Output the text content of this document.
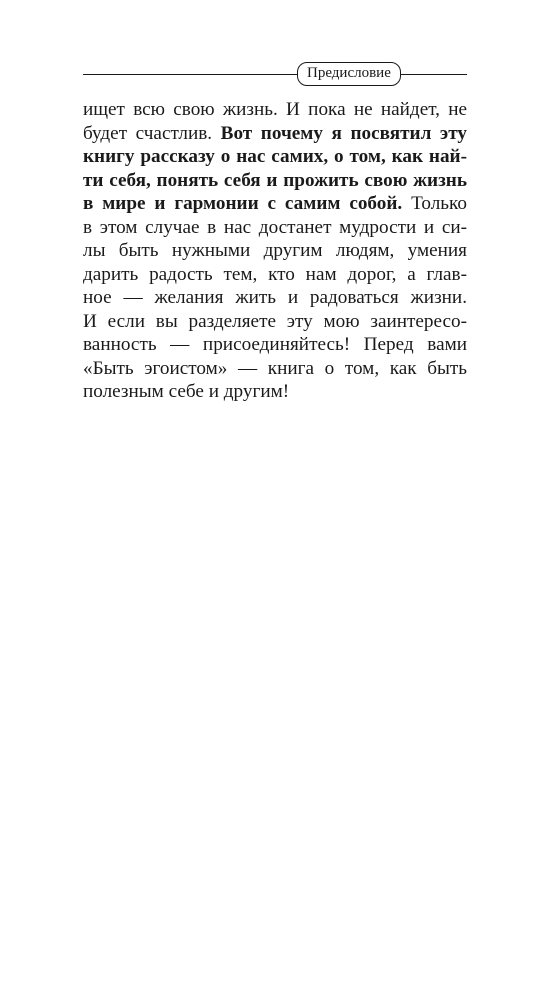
Предисловие
ищет всю свою жизнь. И пока не найдет, не
будет счастлив. Вот почему я посвятил эту
книгу рассказу о нас самих, о том, как най-
ти себя, понять себя и прожить свою жизнь
в мире и гармонии с самим собой. Только
в этом случае в нас достанет мудрости и си-
лы быть нужными другим людям, умения
дарить радость тем, кто нам дорог, а глав-
ное — желания жить и радоваться жизни.
И если вы разделяете эту мою заинтересо-
ванность — присоединяйтесь! Перед вами
«Быть эгоистом» — книга о том, как быть
полезным себе и другим!
